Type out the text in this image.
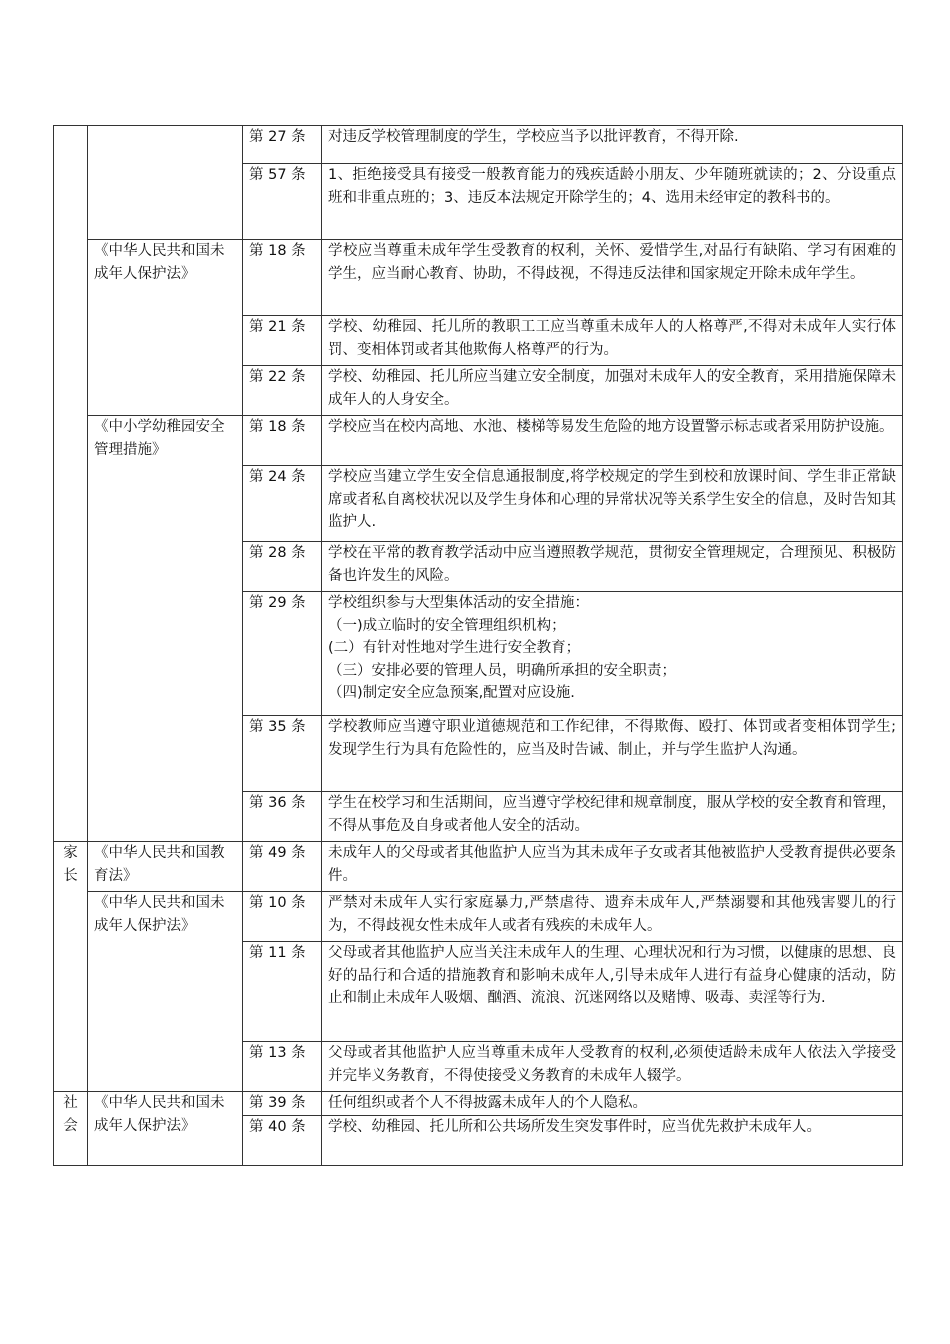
		第 27 条	对违反学校管理制度的学生，学校应当予以批评教育，不得开除.
		第 57 条	1、拒绝接受具有接受一般教育能力的残疾适龄小朋友、少年随班就读的；2、分设重点班和非重点班的；3、违反本法规定开除学生的；4、选用未经审定的教科书的。
	《中华人民共和国未成年人保护法》	第 18 条	学校应当尊重未成年学生受教育的权利，关怀、爱惜学生,对品行有缺陷、学习有困难的学生，应当耐心教育、协助，不得歧视，不得违反法律和国家规定开除未成年学生。
		第 21 条	学校、幼稚园、托儿所的教职工工应当尊重未成年人的人格尊严,不得对未成年人实行体罚、变相体罚或者其他欺侮人格尊严的行为。
		第 22 条	学校、幼稚园、托儿所应当建立安全制度，加强对未成年人的安全教育，采用措施保障未成年人的人身安全。
	《中小学幼稚园安全管理措施》	第 18 条	学校应当在校内高地、水池、楼梯等易发生危险的地方设置警示标志或者采用防护设施。
		第 24 条	学校应当建立学生安全信息通报制度,将学校规定的学生到校和放课时间、学生非正常缺席或者私自离校状况以及学生身体和心理的异常状况等关系学生安全的信息，及时告知其监护人.
		第 28 条	学校在平常的教育教学活动中应当遵照教学规范，贯彻安全管理规定，合理预见、积极防备也许发生的风险。
		第 29 条	学校组织参与大型集体活动的安全措施：
（一)成立临时的安全管理组织机构；
(二）有针对性地对学生进行安全教育；
（三）安排必要的管理人员，明确所承担的安全职责；
（四)制定安全应急预案,配置对应设施.

		第 35 条	学校教师应当遵守职业道德规范和工作纪律，不得欺侮、殴打、体罚或者变相体罚学生;发现学生行为具有危险性的，应当及时告诫、制止，并与学生监护人沟通。
		第 36 条	学生在校学习和生活期间，应当遵守学校纪律和规章制度，服从学校的安全教育和管理，不得从事危及自身或者他人安全的活动。
家长	《中华人民共和国教育法》	第 49 条	未成年人的父母或者其他监护人应当为其未成年子女或者其他被监护人受教育提供必要条件。
	《中华人民共和国未成年人保护法》	第 10 条	严禁对未成年人实行家庭暴力,严禁虐待、遗弃未成年人,严禁溺婴和其他残害婴儿的行为，不得歧视女性未成年人或者有残疾的未成年人。
		第 11 条	父母或者其他监护人应当关注未成年人的生理、心理状况和行为习惯，以健康的思想、良好的品行和合适的措施教育和影响未成年人,引导未成年人进行有益身心健康的活动，防止和制止未成年人吸烟、酗酒、流浪、沉迷网络以及赌博、吸毒、卖淫等行为.
		第 13 条	父母或者其他监护人应当尊重未成年人受教育的权利,必须使适龄未成年人依法入学接受并完毕义务教育，不得使接受义务教育的未成年人辍学。
社会	《中华人民共和国未成年人保护法》	第 39 条	任何组织或者个人不得披露未成年人的个人隐私。
		第 40 条	学校、幼稚园、托儿所和公共场所发生突发事件时，应当优先救护未成年人。
